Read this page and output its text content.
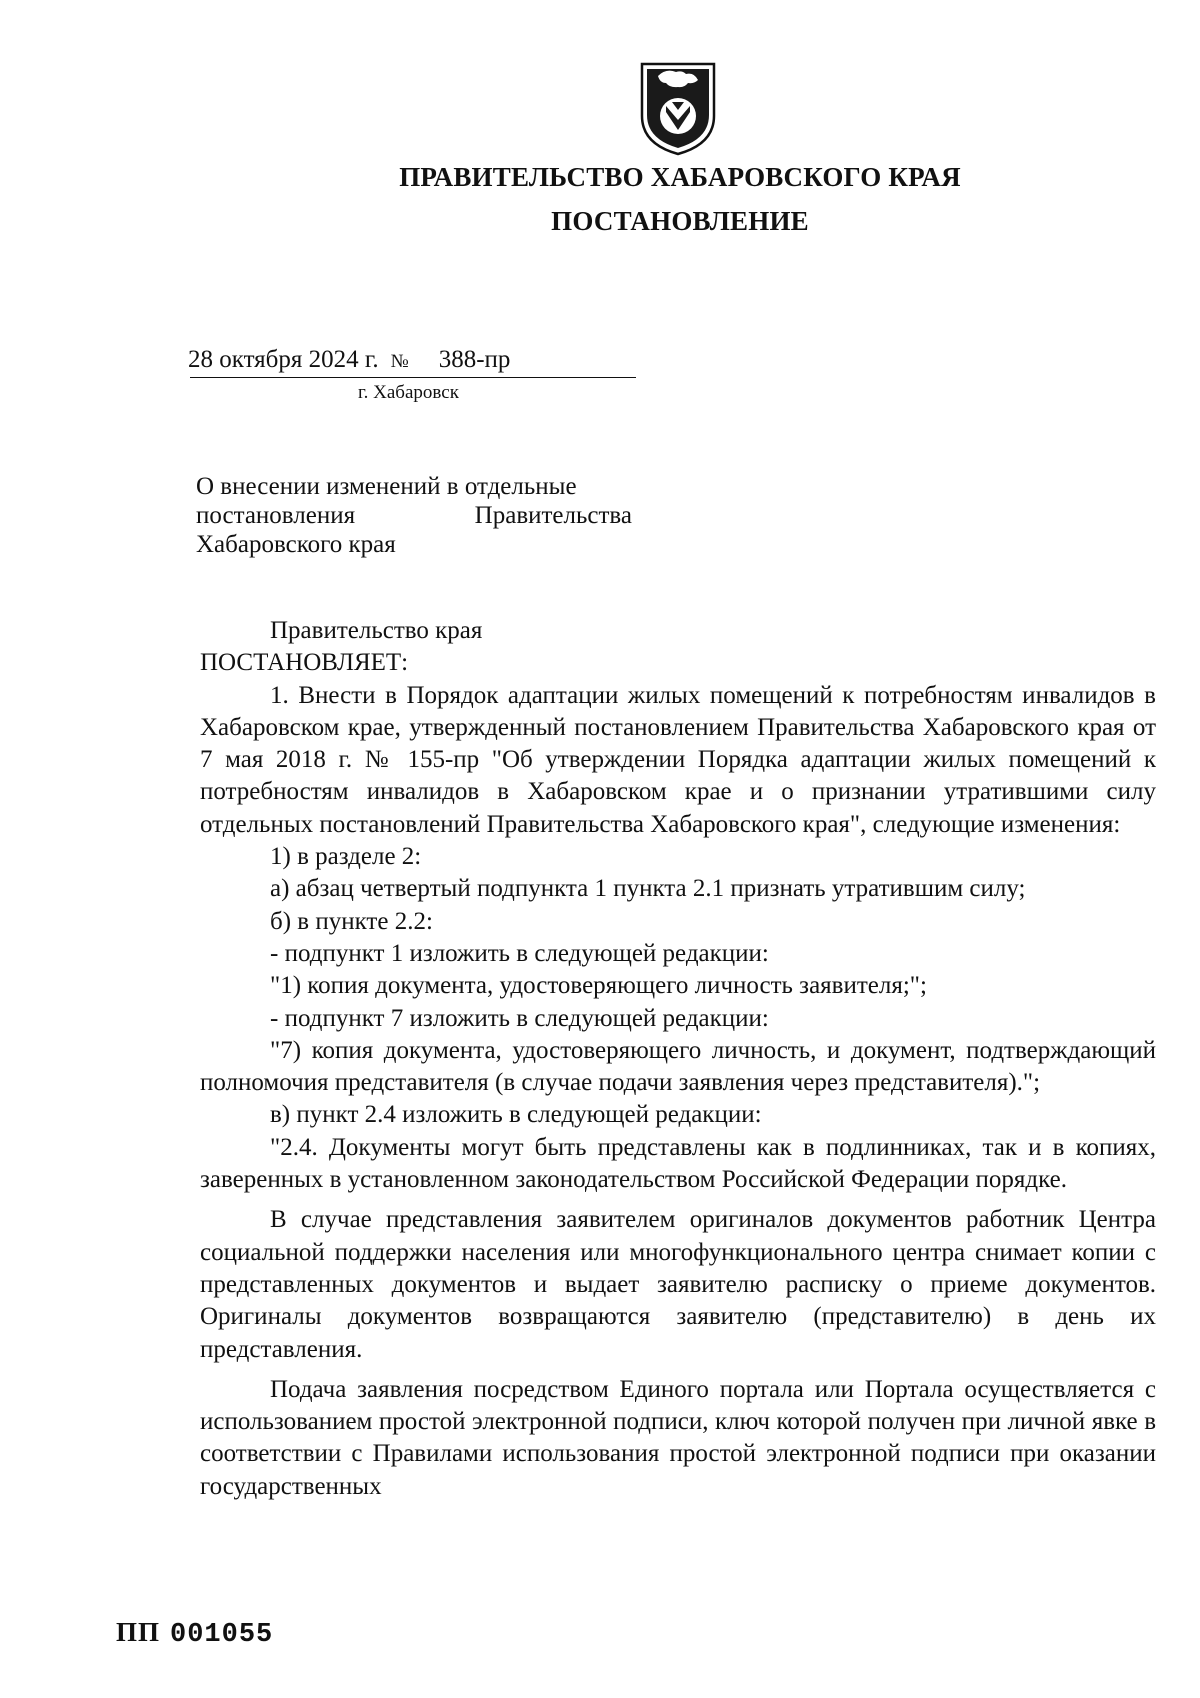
ПРАВИТЕЛЬСТВО ХАБАРОВСКОГО КРАЯ
ПОСТАНОВЛЕНИЕ
28 октября 2024 г. № 388-пр
г. Хабаровск
О внесении изменений в отдельные
постановления	Правительства
Хабаровского края

Правительство края

ПОСТАНОВЛЯЕТ:

1. Внести в Порядок адаптации жилых помещений к потребностям инвалидов в Хабаровском крае, утвержденный постановлением Правительства Хабаровского края от 7 мая 2018 г. № 155-пр "Об утверждении Порядка адаптации жилых помещений к потребностям инвалидов в Хабаровском крае и о признании утратившими силу отдельных постановлений Правительства Хабаровского края", следующие изменения:

1) в разделе 2:

а) абзац четвертый подпункта 1 пункта 2.1 признать утратившим силу;

б) в пункте 2.2:

- подпункт 1 изложить в следующей редакции:

"1) копия документа, удостоверяющего личность заявителя;";

- подпункт 7 изложить в следующей редакции:

"7) копия документа, удостоверяющего личность, и документ, подтверждающий полномочия представителя (в случае подачи заявления через представителя).";

в) пункт 2.4 изложить в следующей редакции:

"2.4. Документы могут быть представлены как в подлинниках, так и в копиях, заверенных в установленном законодательством Российской Федерации порядке.

В случае представления заявителем оригиналов документов работник Центра социальной поддержки населения или многофункционального центра снимает копии с представленных документов и выдает заявителю расписку о приеме документов. Оригиналы документов возвращаются заявителю (представителю) в день их представления.

Подача заявления посредством Единого портала или Портала осуществляется с использованием простой электронной подписи, ключ которой получен при личной явке в соответствии с Правилами использования простой электронной подписи при оказании государственных

ПП 001055
